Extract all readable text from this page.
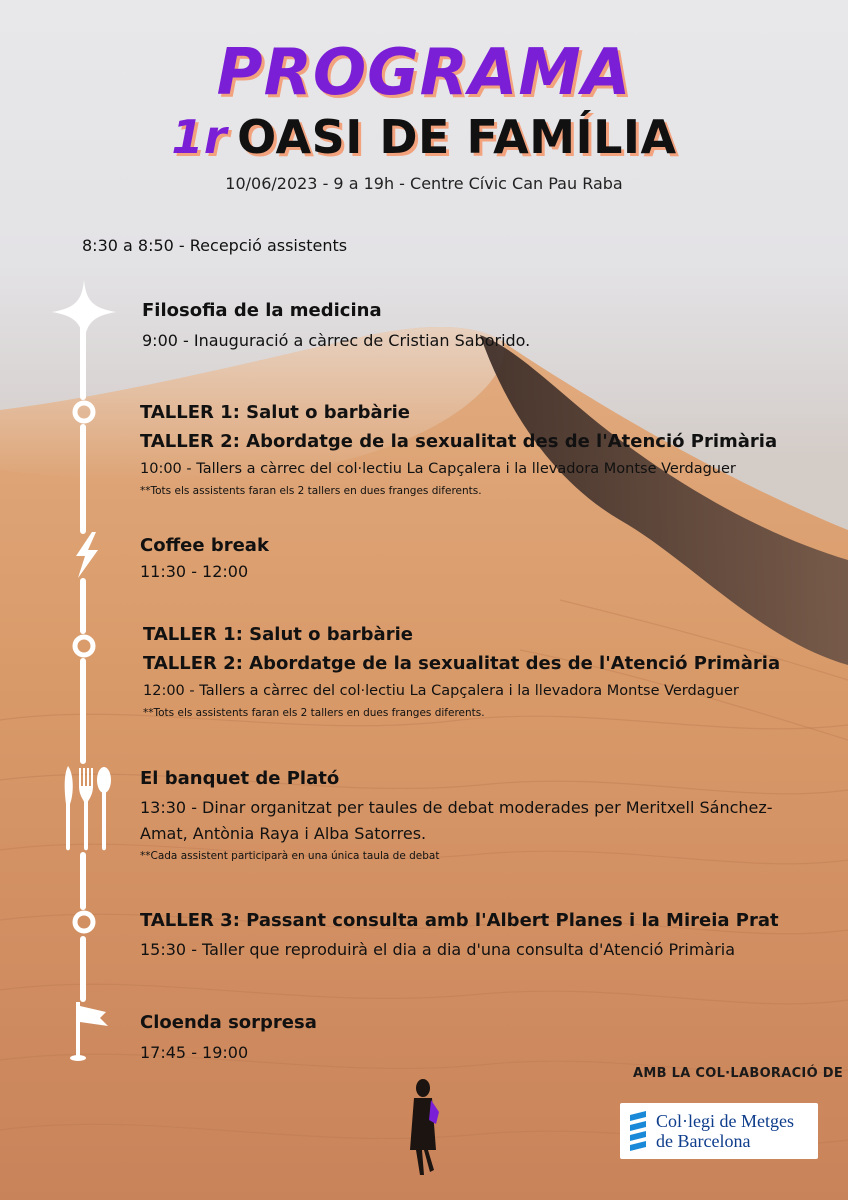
PROGRAMA
1r OASI DE FAMÍLIA
10/06/2023 - 9 a 19h - Centre Cívic Can Pau Raba
8:30 a 8:50 - Recepció assistents
Filosofia de la medicina
9:00 - Inauguració a càrrec de Cristian Saborido.
TALLER 1: Salut o barbàrie
TALLER 2: Abordatge de la sexualitat des de l'Atenció Primària
10:00 - Tallers a càrrec del col·lectiu La Capçalera i la llevadora Montse Verdaguer
**Tots els assistents faran els 2 tallers en dues franges diferents.
Coffee break
11:30 - 12:00
TALLER 1: Salut o barbàrie
TALLER 2: Abordatge de la sexualitat des de l'Atenció Primària
12:00 - Tallers a càrrec del col·lectiu La Capçalera i la llevadora Montse Verdaguer
**Tots els assistents faran els 2 tallers en dues franges diferents.
El banquet de Plató
13:30 - Dinar organitzat per taules de debat moderades per Meritxell Sánchez-Amat, Antònia Raya i Alba Satorres.
**Cada assistent participarà en una única taula de debat
TALLER 3: Passant consulta amb l'Albert Planes i la Mireia Prat
15:30 - Taller que reproduirà el dia a dia d'una consulta d'Atenció Primària
Cloenda sorpresa
17:45 - 19:00
AMB LA COL·LABORACIÓ DE
Col·legi de Metges
de Barcelona
